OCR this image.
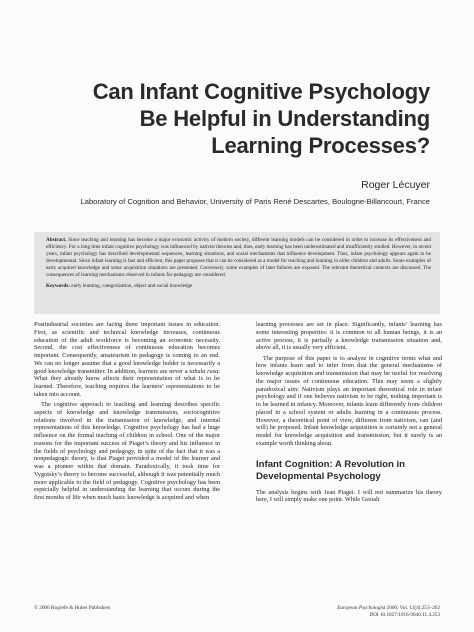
Can Infant Cognitive Psychology
Be Helpful in Understanding
Learning Processes?
Roger Lécuyer
Laboratory of Cognition and Behavior, University of Paris René Descartes, Boulogne-Billancourt, France

Abstract. Since teaching and learning has become a major economic activity of modern society, different learning models can be considered in order to increase its effectiveness and efficiency. For a long time infant cognitive psychology was influenced by nativist theories and, thus, early learning has been underestimated and insufficiently studied. However, in recent years, infant psychology has described developmental sequences, learning situations, and social mechanisms that influence development. Thus, infant psychology appears again to be developmental. Since infant learning is fast and efficient, this paper proposes that it can be considered as a model for teaching and learning in older children and adults. Some examples of early acquired knowledge and some acquisition situations are presented. Conversely, some examples of later failures are exposed. The relevant theoretical contexts are discussed. The consequences of learning mechanisms observed in infants for pedagogy are considered.

Keywords: early learning, categorization, object and social knowledge

Postindustrial societies are facing three important issues in education. First, as scientific and technical knowledge increases, continuous education of the adult workforce is becoming an economic necessity. Second, the cost effectiveness of continuous education becomes important. Consequently, amateurism in pedagogy is coming to an end. We can no longer assume that a good knowledge holder is necessarily a good knowledge transmitter. In addition, learners are never a tabula rasa: What they already know affects their representation of what is to be learned. Therefore, teaching requires the learners’ representations to be taken into account.

The cognitive approach to teaching and learning describes specific aspects of knowledge and knowledge transmission, sociocognitive relations involved in the transmission of knowledge, and internal representations of this knowledge. Cognitive psychology has had a huge influence on the formal teaching of children in school. One of the major reasons for the important success of Piaget’s theory and his influence in the fields of psychology and pedagogy, in spite of the fact that it was a nonpedagogic theory, is that Piaget provided a model of the learner and was a pioneer within that domain. Paradoxically, it took time for Vygotsky’s theory to become successful, although it was potentially much more applicable to the field of pedagogy. Cognitive psychology has been especially helpful in understanding the learning that occurs during the first months of life when much basic knowledge is acquired and when

learning processes are set in place. Significantly, infants’ learning has some interesting properties: it is common to all human beings, it is an active process, it is partially a knowledge transmission situation and, above all, it is usually very efficient.

The purpose of this paper is to analyze in cognitive terms what and how infants learn and to infer from that the general mechanisms of knowledge acquisition and transmission that may be useful for resolving the major issues of continuous education. This may seem a slightly paradoxical aim: Nativism plays an important theoretical role in infant psychology and if one believes nativism to be right, nothing important is to be learned in infancy. Moreover, infants learn differently from children placed in a school system or adults learning in a continuous process. However, a theoretical point of view, different from nativism, can (and will) be proposed. Infant knowledge acquisition is certainly not a general model for knowledge acquisition and transmission, but it surely is an example worth thinking about.

Infant Cognition: A Revolution in Developmental Psychology

The analysis begins with Jean Piaget. I will not summarize his theory here, I will simply make one point. While Gestalt

© 2006 Hogrefe & Huber Publishers	European Psychologist 2006; Vol. 11(4):253–262
DOI 10.1027/1016-9040.11.4.253
